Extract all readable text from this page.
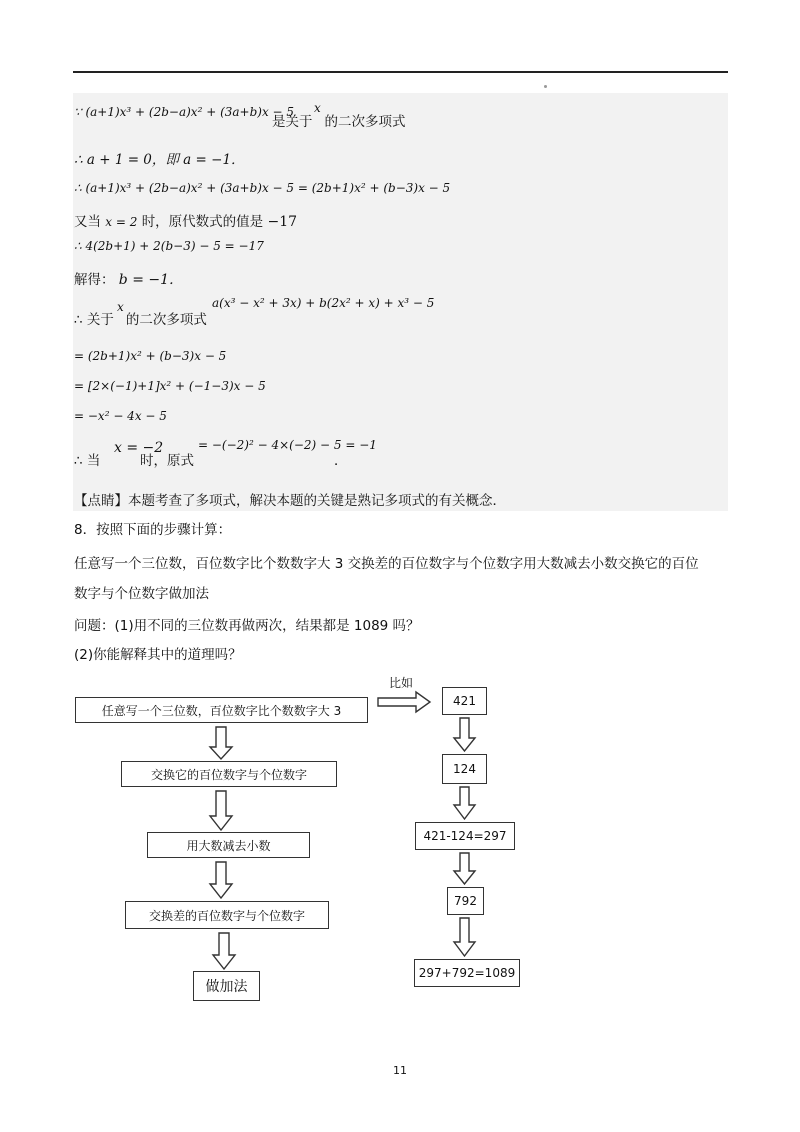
∵ (a+1)x³ + (2b−a)x² + (3a+b)x − 5 x
是关于 的二次多项式
∴ a + 1 = 0，即 a = −1．
∴ (a+1)x³ + (2b−a)x² + (3a+b)x − 5 = (2b+1)x² + (b−3)x − 5
又当 x = 2 时，原代数式的值是 −17
∴ 4(2b+1) + 2(b−3) − 5 = −17
解得： b = −1．
∴ 关于 的二次多项式
x	a(x³ − x² + 3x) + b(2x² + x) + x³ − 5
= (2b+1)x² + (b−3)x − 5
= [2×(−1)+1]x² + (−1−3)x − 5
= −x² − 4x − 5
∴ 当
x = −2
时，原式
= −(−2)² − 4×(−2) − 5 = −1
．
【点睛】本题考查了多项式，解决本题的关键是熟记多项式的有关概念．
8．按照下面的步骤计算：
任意写一个三位数，百位数字比个数数字大 3 交换差的百位数字与个位数字用大数减去小数交换它的百位
数字与个位数字做加法
问题：(1)用不同的三位数再做两次，结果都是 1089 吗？
(2)你能解释其中的道理吗？
任意写一个三位数，百位数字比个数数字大 3
交换它的百位数字与个位数字
用大数减去小数
交换差的百位数字与个位数字
做加法
421
124
421-124=297
792
297+792=1089
比如
11
